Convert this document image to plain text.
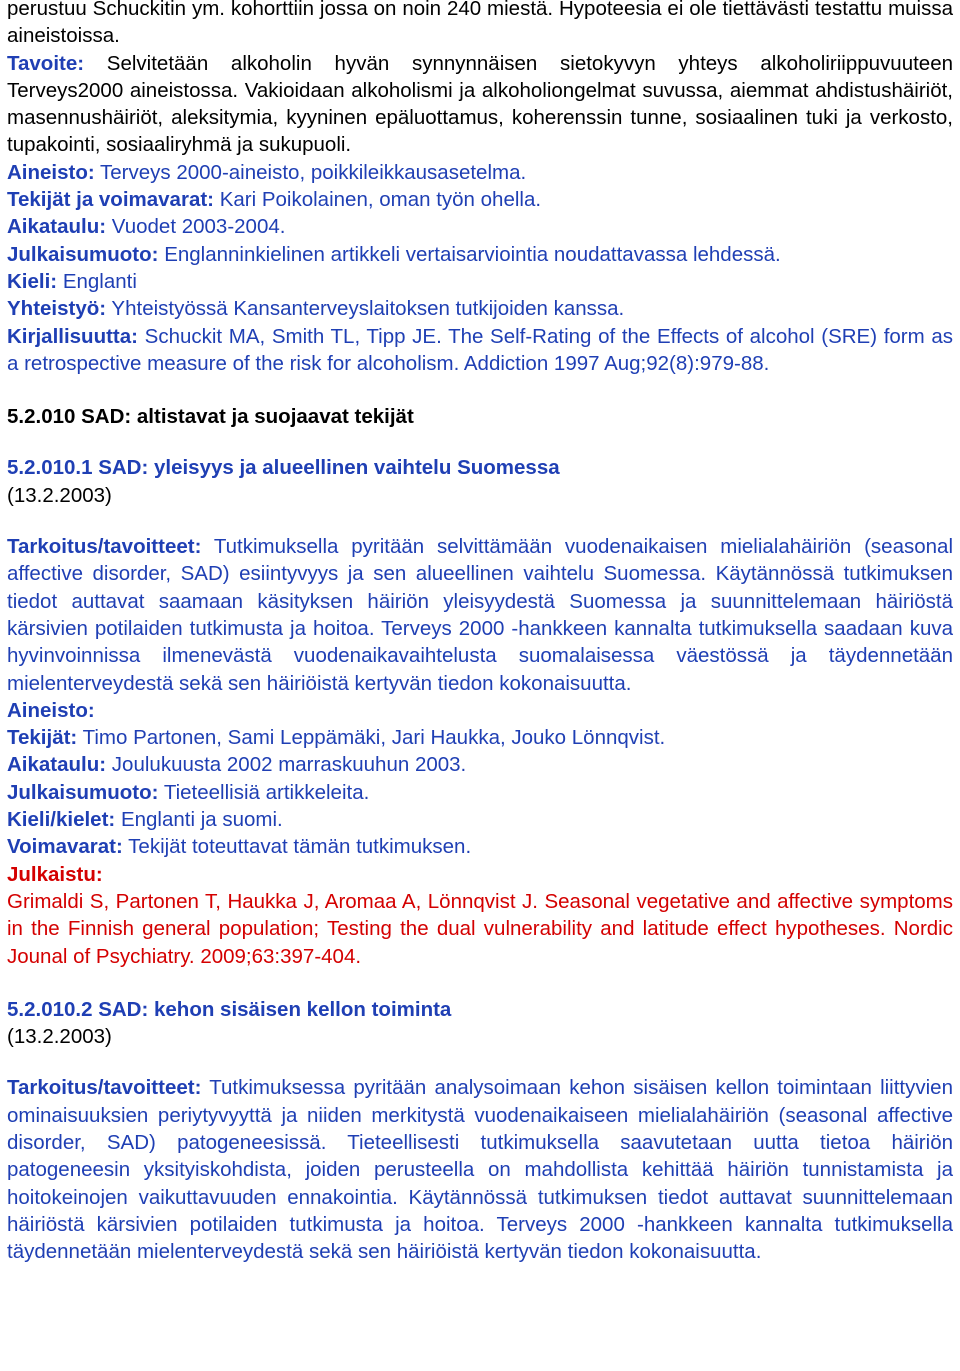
perustuu Schuckitin ym. kohorttiin jossa on noin 240 miestä. Hypoteesia ei ole tiettävästi testattu muissa aineistoissa.

Tavoite: Selvitetään alkoholin hyvän synnynnäisen sietokyvyn yhteys alkoholiriippuvuuteen Terveys2000 aineistossa. Vakioidaan alkoholismi ja alkoholiongelmat suvussa, aiemmat ahdistushäiriöt, masennushäiriöt, aleksitymia, kyyninen epäluottamus, koherenssin tunne, sosiaalinen tuki ja verkosto, tupakointi, sosiaaliryhmä ja sukupuoli.

Aineisto: Terveys 2000-aineisto, poikkileikkausasetelma.

Tekijät ja voimavarat: Kari Poikolainen, oman työn ohella.

Aikataulu: Vuodet 2003-2004.

Julkaisumuoto: Englanninkielinen artikkeli vertaisarviointia noudattavassa lehdessä.

Kieli: Englanti

Yhteistyö: Yhteistyössä Kansanterveyslaitoksen tutkijoiden kanssa.

Kirjallisuutta: Schuckit MA, Smith TL, Tipp JE. The Self-Rating of the Effects of alcohol (SRE) form as a retrospective measure of the risk for alcoholism. Addiction 1997 Aug;92(8):979-88.

5.2.010 SAD: altistavat ja suojaavat tekijät

5.2.010.1 SAD: yleisyys ja alueellinen vaihtelu Suomessa

(13.2.2003)

Tarkoitus/tavoitteet: Tutkimuksella pyritään selvittämään vuodenaikaisen mielialahäiriön (seasonal affective disorder, SAD) esiintyvyys ja sen alueellinen vaihtelu Suomessa. Käytännössä tutkimuksen tiedot auttavat saamaan käsityksen häiriön yleisyydestä Suomessa ja suunnittelemaan häiriöstä kärsivien potilaiden tutkimusta ja hoitoa. Terveys 2000 -hankkeen kannalta tutkimuksella saadaan kuva hyvinvoinnissa ilmenevästä vuodenaikavaihtelusta suomalaisessa väestössä ja täydennetään mielenterveydestä sekä sen häiriöistä kertyvän tiedon kokonaisuutta.

Aineisto:

Tekijät: Timo Partonen, Sami Leppämäki, Jari Haukka, Jouko Lönnqvist.

Aikataulu: Joulukuusta 2002 marraskuuhun 2003.

Julkaisumuoto: Tieteellisiä artikkeleita.

Kieli/kielet: Englanti ja suomi.

Voimavarat: Tekijät toteuttavat tämän tutkimuksen.

Julkaistu:

Grimaldi S, Partonen T, Haukka J, Aromaa A, Lönnqvist J. Seasonal vegetative and affective symptoms in the Finnish general population; Testing the dual vulnerability and latitude effect hypotheses. Nordic Jounal of Psychiatry. 2009;63:397-404.

5.2.010.2 SAD: kehon sisäisen kellon toiminta

(13.2.2003)

Tarkoitus/tavoitteet: Tutkimuksessa pyritään analysoimaan kehon sisäisen kellon toimintaan liittyvien ominaisuuksien periytyvyyttä ja niiden merkitystä vuodenaikaiseen mielialahäiriön (seasonal affective disorder, SAD) patogeneesissä. Tieteellisesti tutkimuksella saavutetaan uutta tietoa häiriön patogeneesin yksityiskohdista, joiden perusteella on mahdollista kehittää häiriön tunnistamista ja hoitokeinojen vaikuttavuuden ennakointia. Käytännössä tutkimuksen tiedot auttavat suunnittelemaan häiriöstä kärsivien potilaiden tutkimusta ja hoitoa. Terveys 2000 -hankkeen kannalta tutkimuksella täydennetään mielenterveydestä sekä sen häiriöistä kertyvän tiedon kokonaisuutta.
